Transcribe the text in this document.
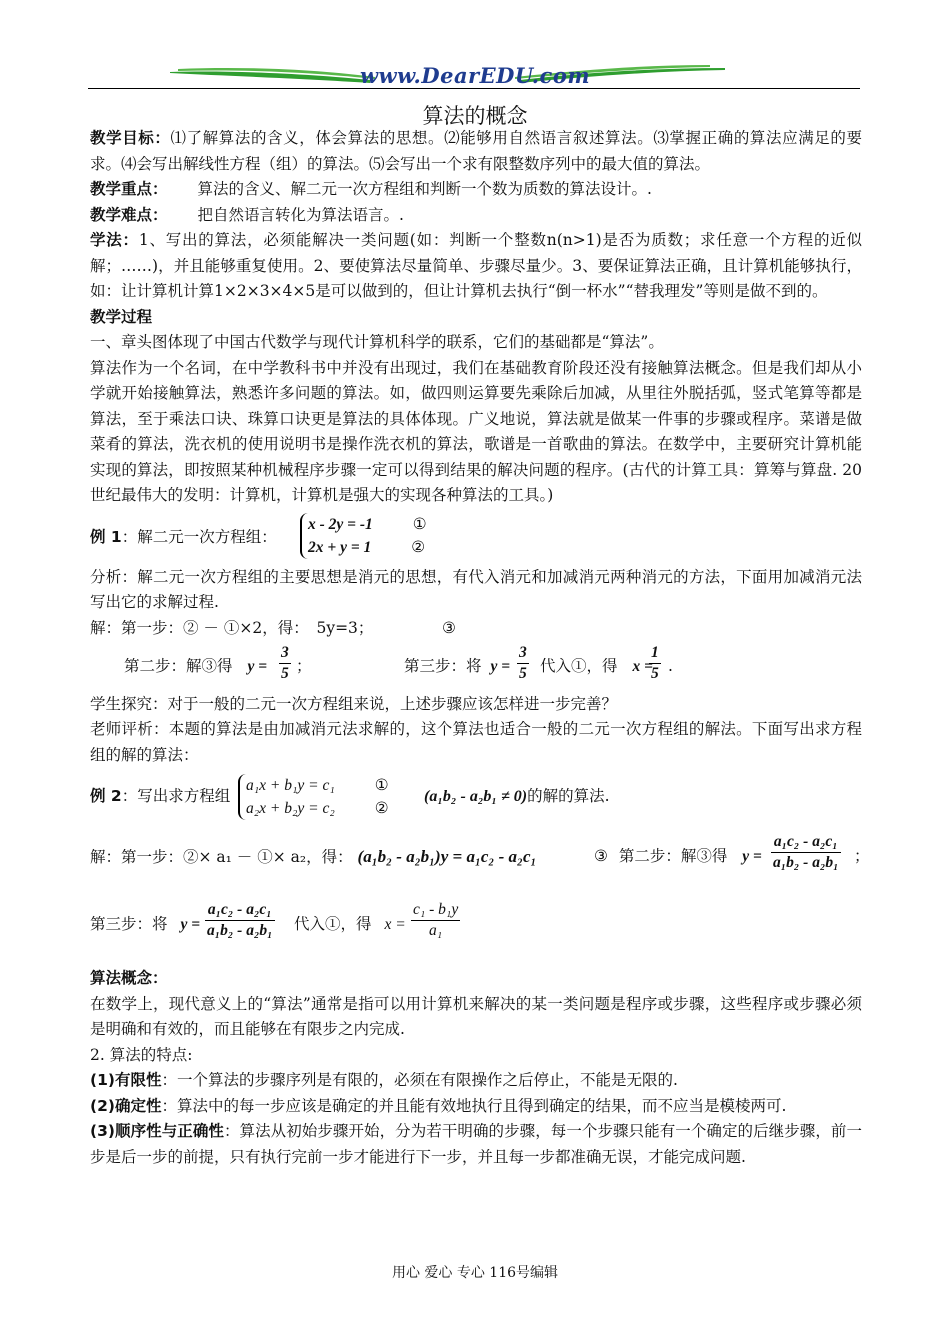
www.DearEDU.com
算法的概念

教学目标：⑴了解算法的含义，体会算法的思想。⑵能够用自然语言叙述算法。⑶掌握正确的算法应满足的要求。⑷会写出解线性方程（组）的算法。⑸会写出一个求有限整数序列中的最大值的算法。

教学重点： 算法的含义、解二元一次方程组和判断一个数为质数的算法设计。.

教学难点： 把自然语言转化为算法语言。.

学法：1、写出的算法，必须能解决一类问题(如：判断一个整数n(n>1)是否为质数；求任意一个方程的近似解；……)，并且能够重复使用。2、要使算法尽量简单、步骤尽量少。3、要保证算法正确，且计算机能够执行，如：让计算机计算1×2×3×4×5是可以做到的，但让计算机去执行“倒一杯水”“替我理发”等则是做不到的。

教学过程

一、章头图体现了中国古代数学与现代计算机科学的联系，它们的基础都是“算法”。

算法作为一个名词，在中学教科书中并没有出现过，我们在基础教育阶段还没有接触算法概念。但是我们却从小学就开始接触算法，熟悉许多问题的算法。如，做四则运算要先乘除后加减，从里往外脱括弧，竖式笔算等都是算法，至于乘法口诀、珠算口诀更是算法的具体体现。广义地说，算法就是做某一件事的步骤或程序。菜谱是做菜肴的算法，洗衣机的使用说明书是操作洗衣机的算法，歌谱是一首歌曲的算法。在数学中，主要研究计算机能实现的算法，即按照某种机械程序步骤一定可以得到结果的解决问题的程序。(古代的计算工具：算筹与算盘. 20世纪最伟大的发明：计算机，计算机是强大的实现各种算法的工具。)

例 1：解二元一次方程组：
x - 2y = -1	①
2x + y = 1	②

分析：解二元一次方程组的主要思想是消元的思想，有代入消元和加减消元两种消元的方法，下面用加减消元法写出它的求解过程.

解：第一步：② － ①×2，得：　5y=3；	③
第二步：解③得 $y = \frac{3}{5}$ ；	第三步：将 $y = \frac{3}{5}$ 代入①，得 x =
$\frac{1}{5}$ .

学生探究：对于一般的二元一次方程组来说，上述步骤应该怎样进一步完善？

老师评析：本题的算法是由加减消元法求解的，这个算法也适合一般的二元一次方程组的解法。下面写出求方程组的解的算法：

例 2：写出求方程组
a₁x + b₁y = c₁	①
a₂x + b₂y = c₂	②
(a₁b₂ - a₂b₁ ≠ 0)的解的算法.
解：第一步：②× a₁ － ①× a₂，得： (a₁b₂ - a₂b₁)y = a₁c₂ - a₂c₁	③ 第二步：解③得 $y = \frac{\text{a₁c₂ - a₂c₁}}{\text{a₁b₂ - a₂b₁}}$ ；
第三步：将 $y = \frac{\text{a₁c₂ - a₂c₁}}{\text{a₁b₂ - a₂b₁}}$ 代入①，得 $x = \frac{\text{c₁ - b₁y}}{\text{a₁}}$

算法概念：

在数学上，现代意义上的“算法”通常是指可以用计算机来解决的某一类问题是程序或步骤，这些程序或步骤必须是明确和有效的，而且能够在有限步之内完成.

2. 算法的特点:

(1)有限性：一个算法的步骤序列是有限的，必须在有限操作之后停止，不能是无限的.

(2)确定性：算法中的每一步应该是确定的并且能有效地执行且得到确定的结果，而不应当是模棱两可.

(3)顺序性与正确性：算法从初始步骤开始，分为若干明确的步骤，每一个步骤只能有一个确定的后继步骤，前一步是后一步的前提，只有执行完前一步才能进行下一步，并且每一步都准确无误，才能完成问题.

用心 爱心 专心 116号编辑
